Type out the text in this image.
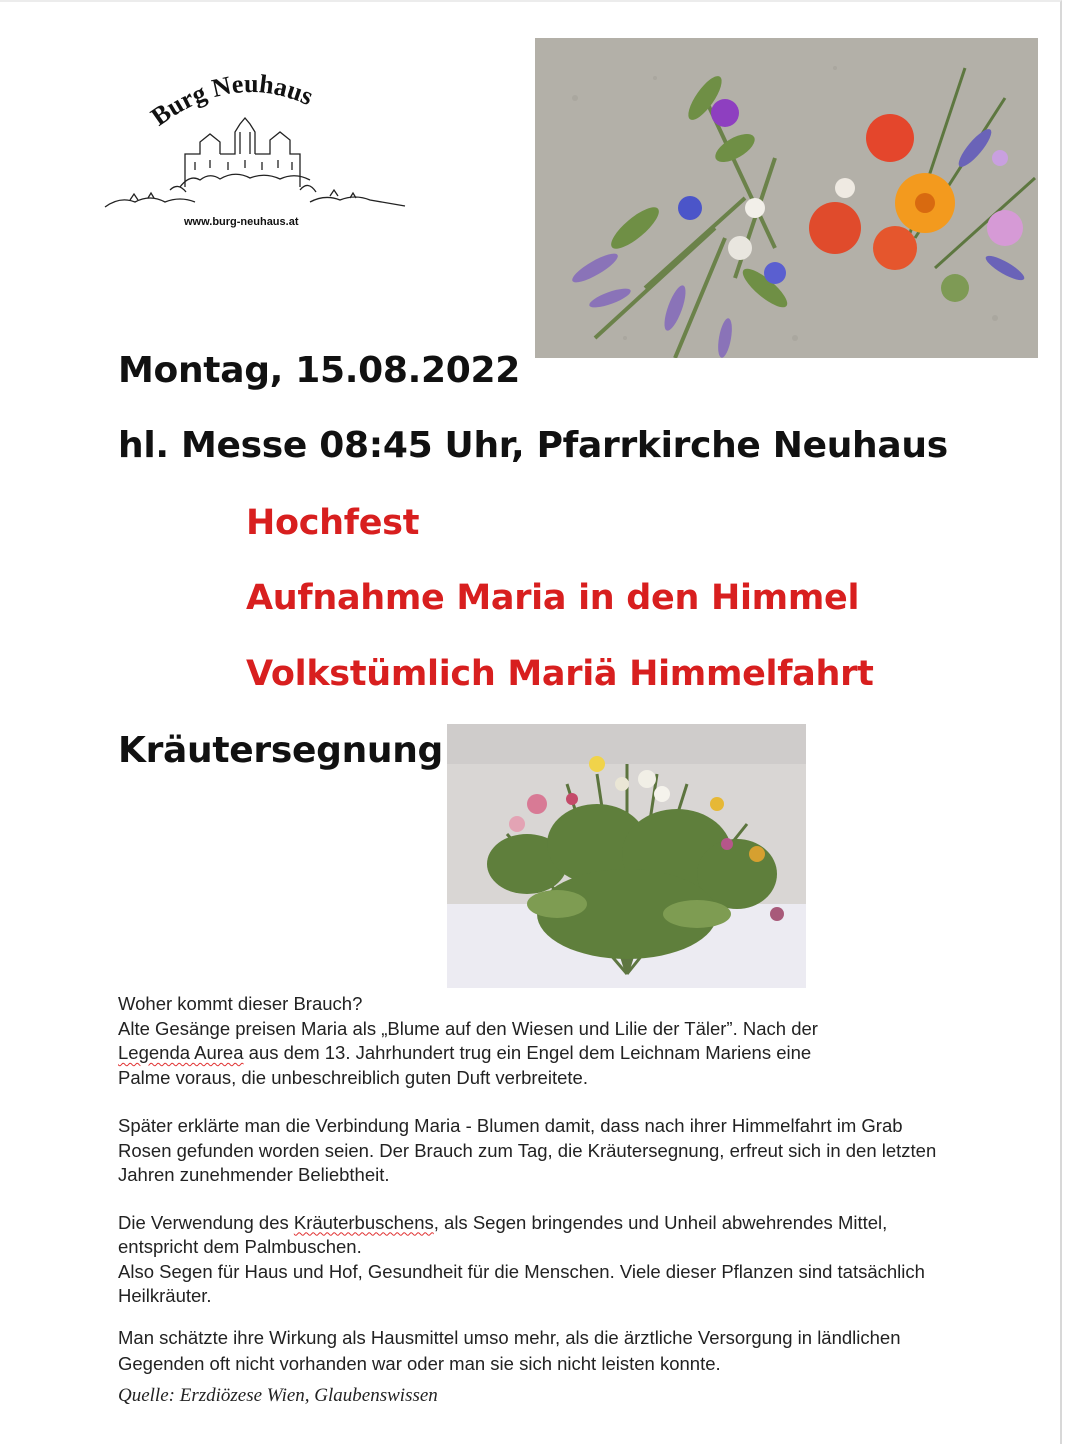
Burg Neuhaus
www.burg-neuhaus.at
Montag, 15.08.2022
hl. Messe 08:45 Uhr, Pfarrkirche Neuhaus
Hochfest
Aufnahme Maria in den Himmel
Volkstümlich Mariä Himmelfahrt
Kräutersegnung

Woher kommt dieser Brauch?

Alte Gesänge preisen Maria als „Blume auf den Wiesen und Lilie der Täler”. Nach der

Legenda Aurea aus dem 13. Jahrhundert trug ein Engel dem Leichnam Mariens eine

Palme voraus, die unbeschreiblich guten Duft verbreitete.

Später erklärte man die Verbindung Maria - Blumen damit, dass nach ihrer Himmelfahrt im Grab Rosen gefunden worden seien. Der Brauch zum Tag, die Kräutersegnung, erfreut sich in den letzten Jahren zunehmender Beliebtheit.

Die Verwendung des Kräuterbuschens, als Segen bringendes und Unheil abwehrendes Mittel, entspricht dem Palmbuschen.

Also Segen für Haus und Hof, Gesundheit für die Menschen. Viele dieser Pflanzen sind tatsächlich Heilkräuter.

Man schätzte ihre Wirkung als Hausmittel umso mehr, als die ärztliche Versorgung in ländlichen Gegenden oft nicht vorhanden war oder man sie sich nicht leisten konnte.

Quelle: Erzdiözese Wien, Glaubenswissen
